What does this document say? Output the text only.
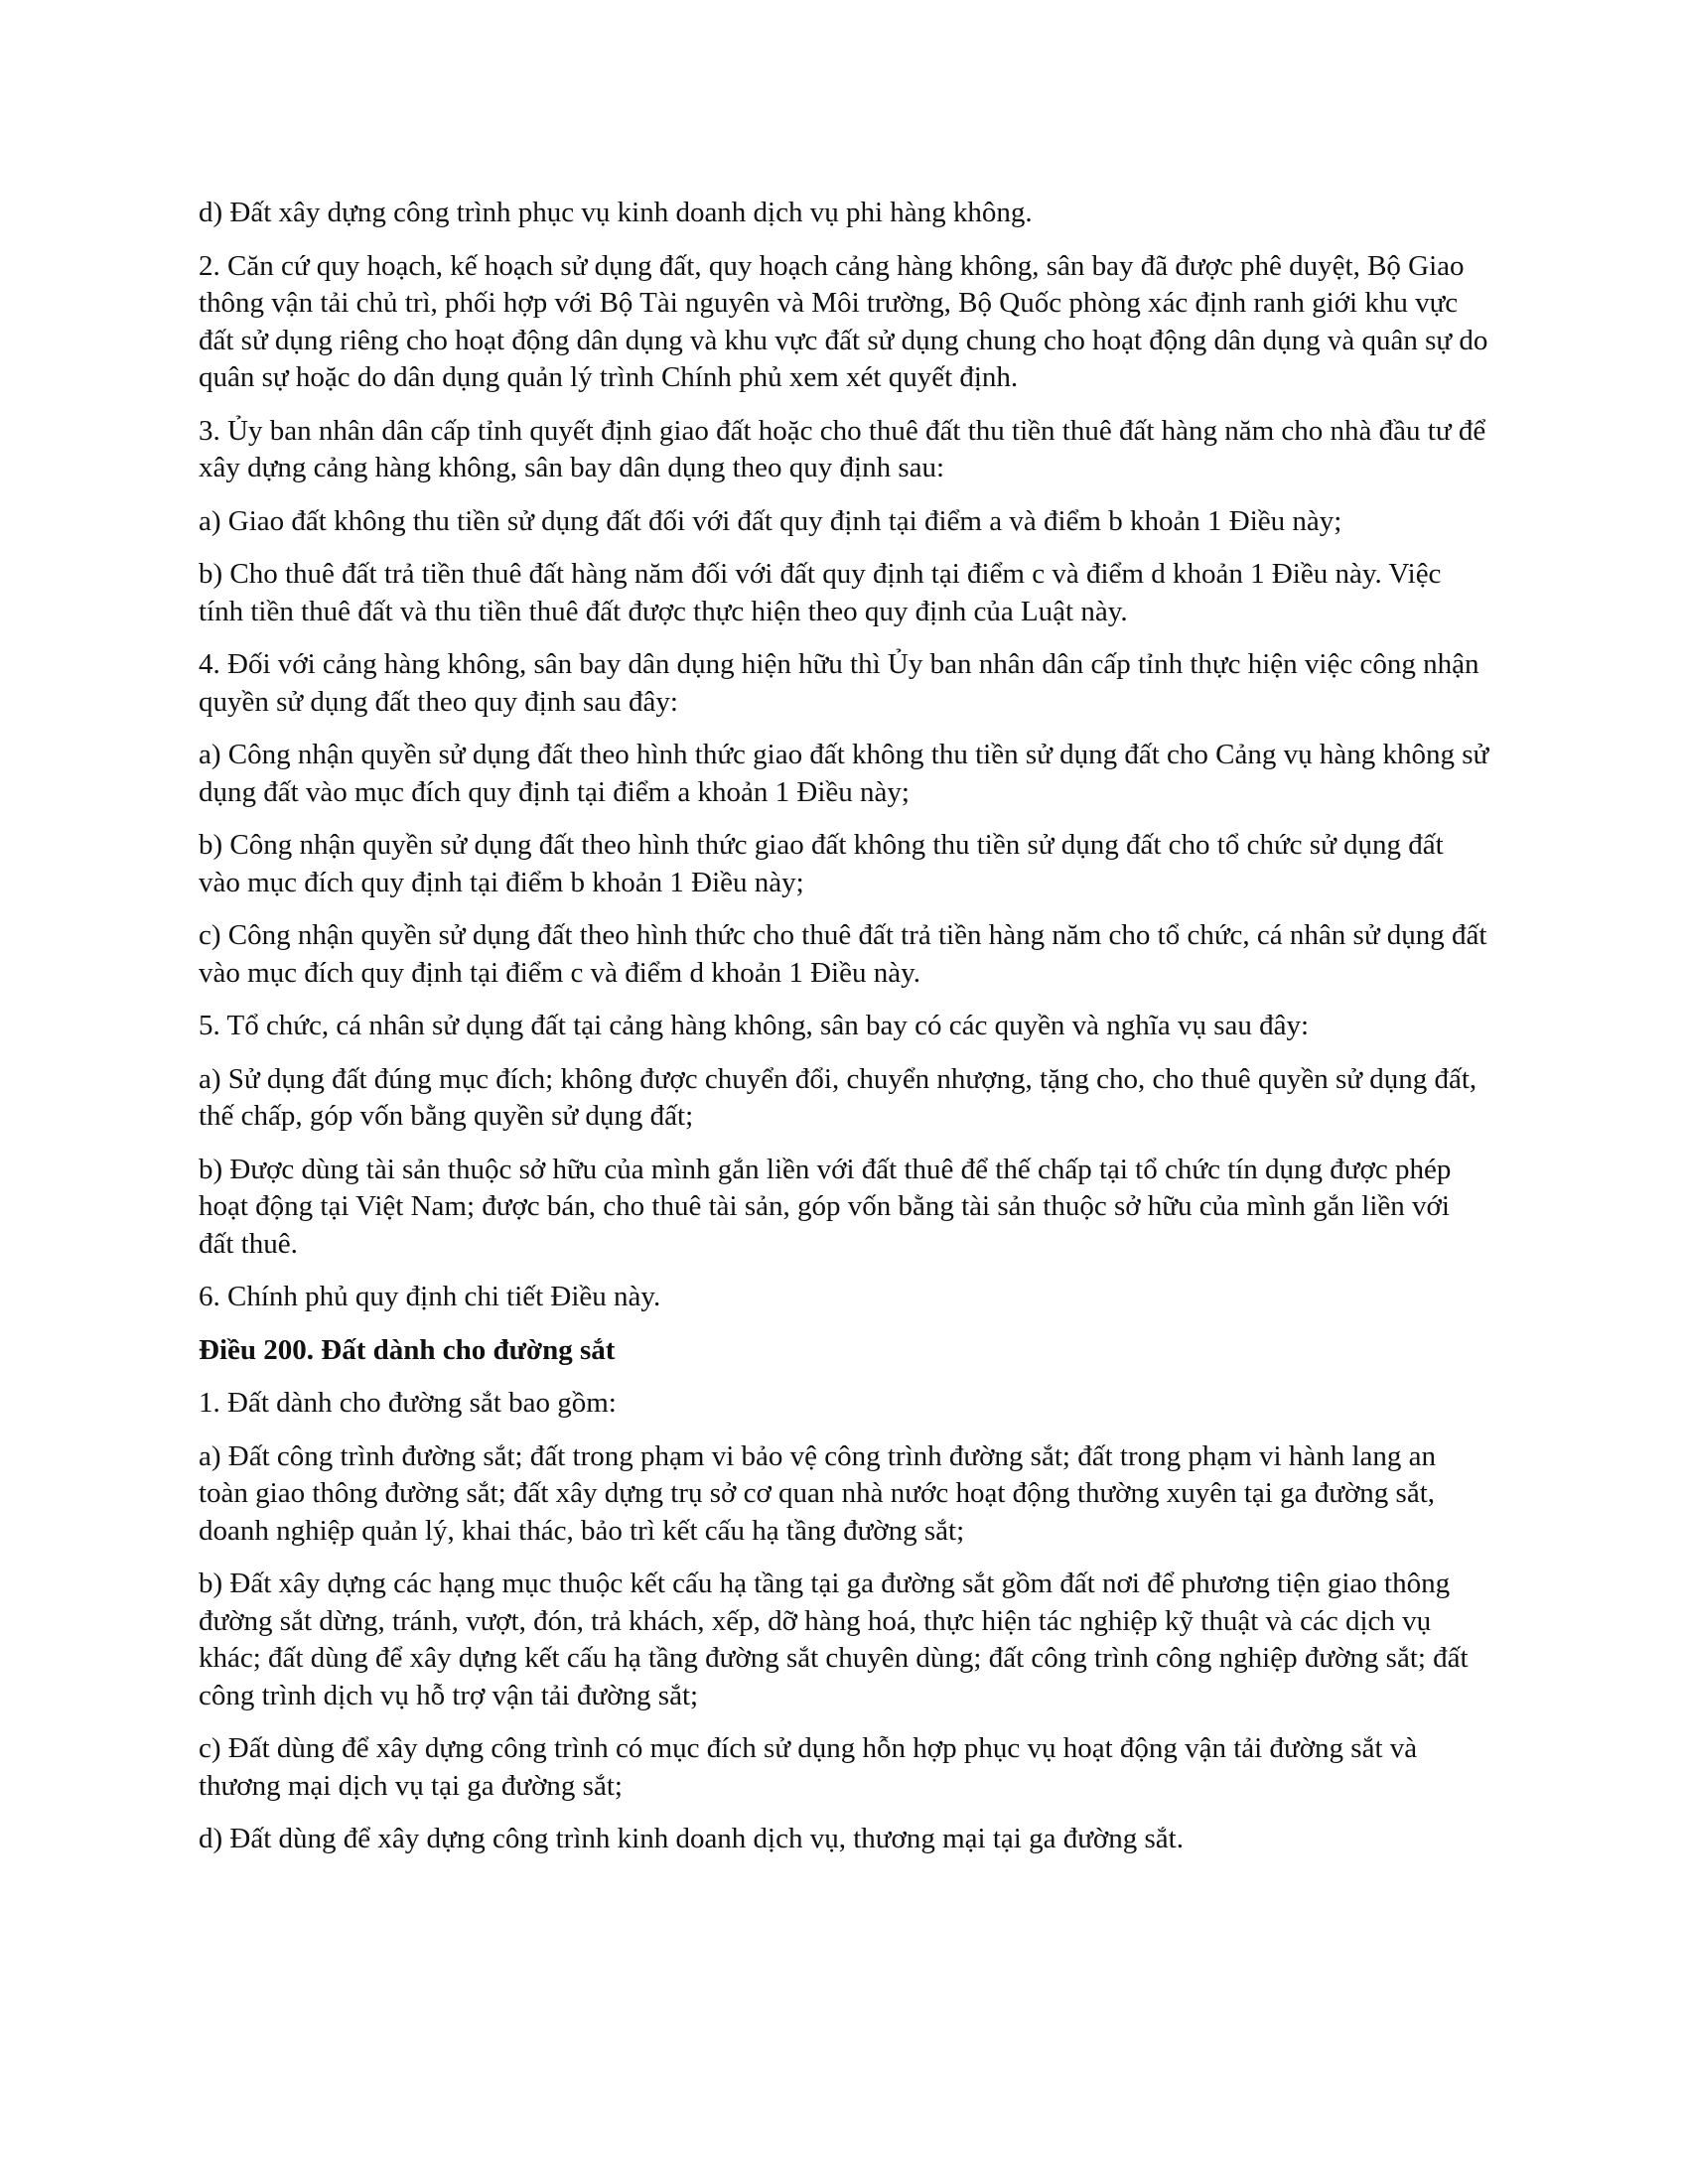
d) Đất xây dựng công trình phục vụ kinh doanh dịch vụ phi hàng không.

2. Căn cứ quy hoạch, kế hoạch sử dụng đất, quy hoạch cảng hàng không, sân bay đã được phê duyệt, Bộ Giao thông vận tải chủ trì, phối hợp với Bộ Tài nguyên và Môi trường, Bộ Quốc phòng xác định ranh giới khu vực đất sử dụng riêng cho hoạt động dân dụng và khu vực đất sử dụng chung cho hoạt động dân dụng và quân sự do quân sự hoặc do dân dụng quản lý trình Chính phủ xem xét quyết định.

3. Ủy ban nhân dân cấp tỉnh quyết định giao đất hoặc cho thuê đất thu tiền thuê đất hàng năm cho nhà đầu tư để xây dựng cảng hàng không, sân bay dân dụng theo quy định sau:

a) Giao đất không thu tiền sử dụng đất đối với đất quy định tại điểm a và điểm b khoản 1 Điều này;

b) Cho thuê đất trả tiền thuê đất hàng năm đối với đất quy định tại điểm c và điểm d khoản 1 Điều này. Việc tính tiền thuê đất và thu tiền thuê đất được thực hiện theo quy định của Luật này.

4. Đối với cảng hàng không, sân bay dân dụng hiện hữu thì Ủy ban nhân dân cấp tỉnh thực hiện việc công nhận quyền sử dụng đất theo quy định sau đây:

a) Công nhận quyền sử dụng đất theo hình thức giao đất không thu tiền sử dụng đất cho Cảng vụ hàng không sử dụng đất vào mục đích quy định tại điểm a khoản 1 Điều này;

b) Công nhận quyền sử dụng đất theo hình thức giao đất không thu tiền sử dụng đất cho tổ chức sử dụng đất vào mục đích quy định tại điểm b khoản 1 Điều này;

c) Công nhận quyền sử dụng đất theo hình thức cho thuê đất trả tiền hàng năm cho tổ chức, cá nhân sử dụng đất vào mục đích quy định tại điểm c và điểm d khoản 1 Điều này.

5. Tổ chức, cá nhân sử dụng đất tại cảng hàng không, sân bay có các quyền và nghĩa vụ sau đây:

a) Sử dụng đất đúng mục đích; không được chuyển đổi, chuyển nhượng, tặng cho, cho thuê quyền sử dụng đất, thế chấp, góp vốn bằng quyền sử dụng đất;

b) Được dùng tài sản thuộc sở hữu của mình gắn liền với đất thuê để thế chấp tại tổ chức tín dụng được phép hoạt động tại Việt Nam; được bán, cho thuê tài sản, góp vốn bằng tài sản thuộc sở hữu của mình gắn liền với đất thuê.

6. Chính phủ quy định chi tiết Điều này.

Điều 200. Đất dành cho đường sắt

1. Đất dành cho đường sắt bao gồm:

a) Đất công trình đường sắt; đất trong phạm vi bảo vệ công trình đường sắt; đất trong phạm vi hành lang an toàn giao thông đường sắt; đất xây dựng trụ sở cơ quan nhà nước hoạt động thường xuyên tại ga đường sắt, doanh nghiệp quản lý, khai thác, bảo trì kết cấu hạ tầng đường sắt;

b) Đất xây dựng các hạng mục thuộc kết cấu hạ tầng tại ga đường sắt gồm đất nơi để phương tiện giao thông đường sắt dừng, tránh, vượt, đón, trả khách, xếp, dỡ hàng hoá, thực hiện tác nghiệp kỹ thuật và các dịch vụ khác; đất dùng để xây dựng kết cấu hạ tầng đường sắt chuyên dùng; đất công trình công nghiệp đường sắt; đất công trình dịch vụ hỗ trợ vận tải đường sắt;

c) Đất dùng để xây dựng công trình có mục đích sử dụng hỗn hợp phục vụ hoạt động vận tải đường sắt và thương mại dịch vụ tại ga đường sắt;

d) Đất dùng để xây dựng công trình kinh doanh dịch vụ, thương mại tại ga đường sắt.
